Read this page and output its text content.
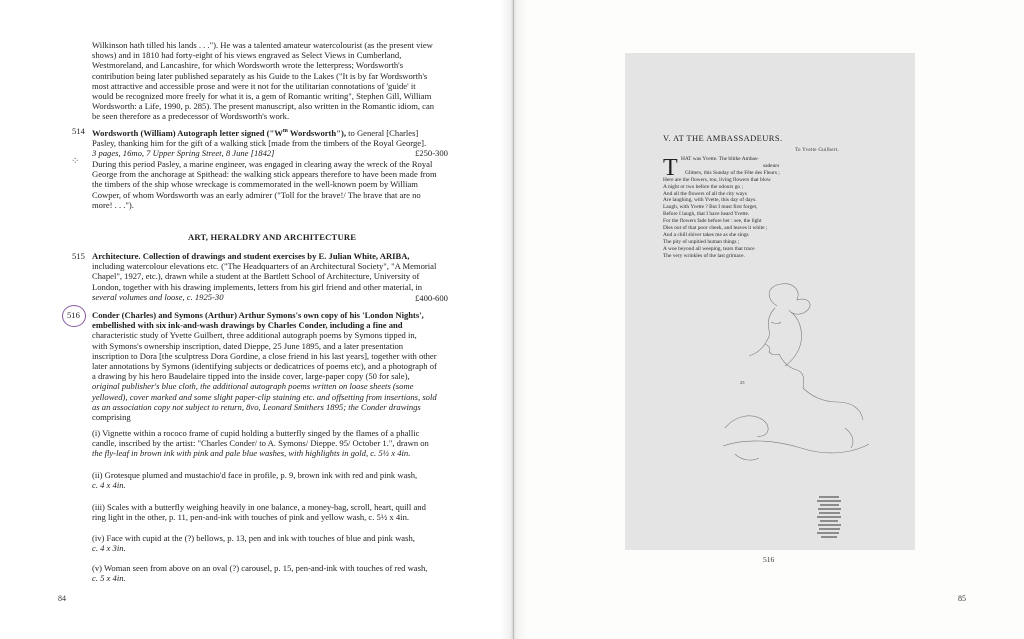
Wilkinson hath tilled his lands . . ."). He was a talented amateur watercolourist (as the present view
shows) and in 1810 had forty-eight of his views engraved as Select Views in Cumberland,
Westmoreland, and Lancashire, for which Wordsworth wrote the letterpress; Wordsworth's
contribution being later published separately as his Guide to the Lakes ("It is by far Wordsworth's
most attractive and accessible prose and were it not for the utilitarian connotations of 'guide' it
would be recognized more freely for what it is, a gem of Romantic writing", Stephen Gill, William
Wordsworth: a Life, 1990, p. 285). The present manuscript, also written in the Romantic idiom, can
be seen therefore as a predecessor of Wordsworth's work.
514 Wordsworth (William) Autograph letter signed ("$W^m$ Wordsworth"), to General [Charles]
Pasley, thanking him for the gift of a walking stick [made from the timbers of the Royal George].
3 pages, 16mo, 7 Upper Spring Street, 8 June [1842]	£250-300
⁘ During this period Pasley, a marine engineer, was engaged in clearing away the wreck of the Royal
George from the anchorage at Spithead: the walking stick appears therefore to have been made from
the timbers of the ship whose wreckage is commemorated in the well-known poem by William
Cowper, of whom Wordsworth was an early admirer ("Toll for the brave!/ The brave that are no
more! . . .").
ART, HERALDRY AND ARCHITECTURE
515 Architecture. Collection of drawings and student exercises by E. Julian White, ARIBA,
including watercolour elevations etc. ("The Headquarters of an Architectural Society", "A Memorial
Chapel", 1927, etc.), drawn while a student at the Bartlett School of Architecture, University of
London, together with his drawing implements, letters from his girl friend and other material, in
several volumes and loose, c. 1925-30	£400-600
516 Conder (Charles) and Symons (Arthur) Arthur Symons's own copy of his 'London Nights',
embellished with six ink-and-wash drawings by Charles Conder, including a fine and
characteristic study of Yvette Guilbert, three additional autograph poems by Symons tipped in,
with Symons's ownership inscription, dated Dieppe, 25 June 1895, and a later presentation
inscription to Dora [the sculptress Dora Gordine, a close friend in his last years], together with other
later annotations by Symons (identifying subjects or dedicatrices of poems etc), and a photograph of
a drawing by his hero Baudelaire tipped into the inside cover, large-paper copy (50 for sale),
original publisher's blue cloth, the additional autograph poems written on loose sheets (some
yellowed), cover marked and some slight paper-clip staining etc. and offsetting from insertions, sold
as an association copy not subject to return, 8vo, Leonard Smithers 1895; the Conder drawings
comprising
(i) Vignette within a rococo frame of cupid holding a butterfly singed by the flames of a phallic
candle, inscribed by the artist: "Charles Conder/ to A. Symons/ Dieppe. 95/ October 1.", drawn on
the fly-leaf in brown ink with pink and pale blue washes, with highlights in gold, c. 5½ x 4in.
(ii) Grotesque plumed and mustachio'd face in profile, p. 9, brown ink with red and pink wash,
c. 4 x 4in.
(iii) Scales with a butterfly weighing heavily in one balance, a money-bag, scroll, heart, quill and
ring light in the other, p. 11, pen-and-ink with touches of pink and yellow wash, c. 5½ x 4in.
(iv) Face with cupid at the (?) bellows, p. 13, pen and ink with touches of blue and pink wash,
c. 4 x 3in.
(v) Woman seen from above on an oval (?) carousel, p. 15, pen-and-ink with touches of red wash,
c. 5 x 4in.
84
V. AT THE AMBASSADEURS.
To Yvette Guilbert.
T HAT was Yvette. The blithe Ambas-
sadeurs
Glitters, this Sunday of the Fête des Fleurs ;
Here are the flowers, too, living flowers that blow
A night or two before the odours go ;
And all the flowers of all the city ways
Are laughing, with Yvette, this day of days.
Laugh, with Yvette ? But I must first forget,
Before I laugh, that I have heard Yvette.
For the flowers fade before her : see, the light
Dies out of that poor cheek, and leaves it white ;
And a chill shiver takes me as she sings
The pity of unpitied human things ;
A woe beyond all weeping, tears that trace
The very wrinkles of the last grimace.
25
516
85
